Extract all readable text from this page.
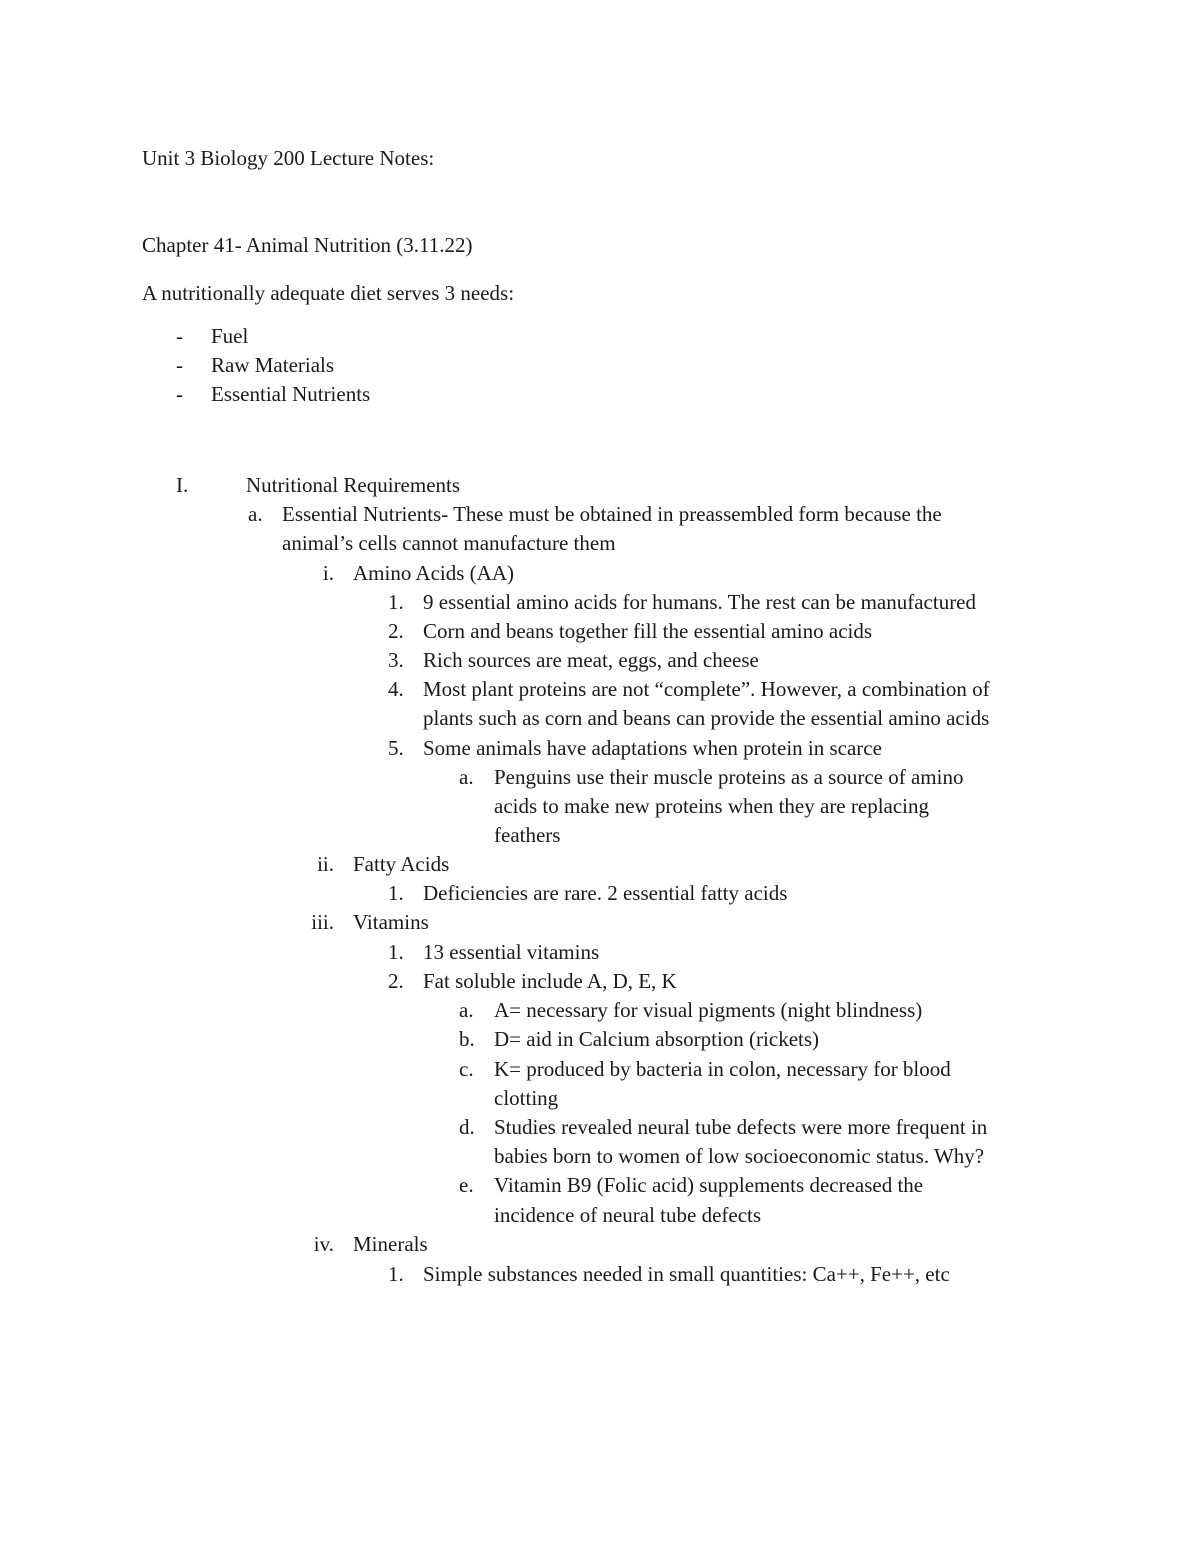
Unit 3 Biology 200 Lecture Notes:
Chapter 41- Animal Nutrition (3.11.22)
A nutritionally adequate diet serves 3 needs:
- Fuel
- Raw Materials
- Essential Nutrients
I.	Nutritional Requirements
a. Essential Nutrients- These must be obtained in preassembled form because the
animal’s cells cannot manufacture them
i. Amino Acids (AA)
1. 9 essential amino acids for humans. The rest can be manufactured
2. Corn and beans together fill the essential amino acids
3. Rich sources are meat, eggs, and cheese
4. Most plant proteins are not “complete”. However, a combination of
plants such as corn and beans can provide the essential amino acids
5. Some animals have adaptations when protein in scarce
a. Penguins use their muscle proteins as a source of amino
acids to make new proteins when they are replacing
feathers
ii. Fatty Acids
1. Deficiencies are rare. 2 essential fatty acids
iii. Vitamins
1. 13 essential vitamins
2. Fat soluble include A, D, E, K
a. A= necessary for visual pigments (night blindness)
b. D= aid in Calcium absorption (rickets)
c. K= produced by bacteria in colon, necessary for blood
clotting
d. Studies revealed neural tube defects were more frequent in
babies born to women of low socioeconomic status. Why?
e. Vitamin B9 (Folic acid) supplements decreased the
incidence of neural tube defects
iv. Minerals
1. Simple substances needed in small quantities: Ca++, Fe++, etc
